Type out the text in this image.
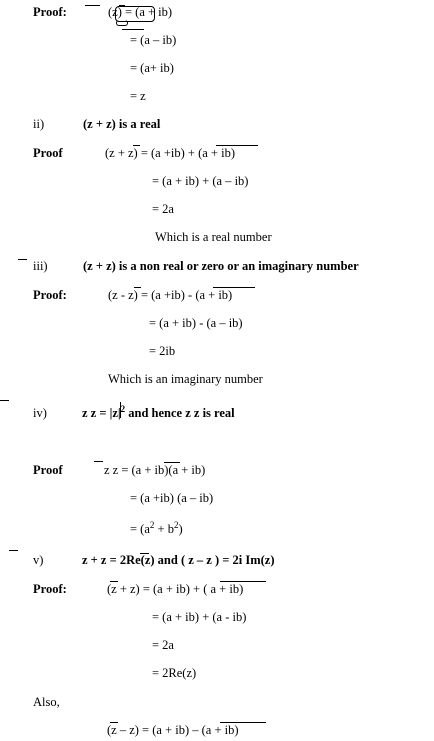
Proof:	(z) = (a + ib)
= (a – ib)
= (a+ ib)
= z
ii)	(z + z) is a real
Proof	(z + z) = (a +ib) + (a + ib)
= (a + ib) + (a – ib)
= 2a
Which is a real number
iii)	(z + z) is a non real or zero or an imaginary number
Proof:	(z - z) = (a +ib) - (a + ib)
= (a + ib) - (a – ib)
= 2ib
Which is an imaginary number
iv)	z $z = |z|^2$ and hence z z is real
Proof	z z = (a + ib)(a + ib)
= (a +ib) (a – ib)
= $(a^2 + b^2)$
v)	z + z = 2Re(z) and ( z – z ) = 2i Im(z)
Proof:	(z + z) = (a + ib) + ( a + ib)
= (a + ib) + (a - ib)
= 2a
= 2Re(z)
Also,
(z – z) = (a + ib) – (a + ib)
